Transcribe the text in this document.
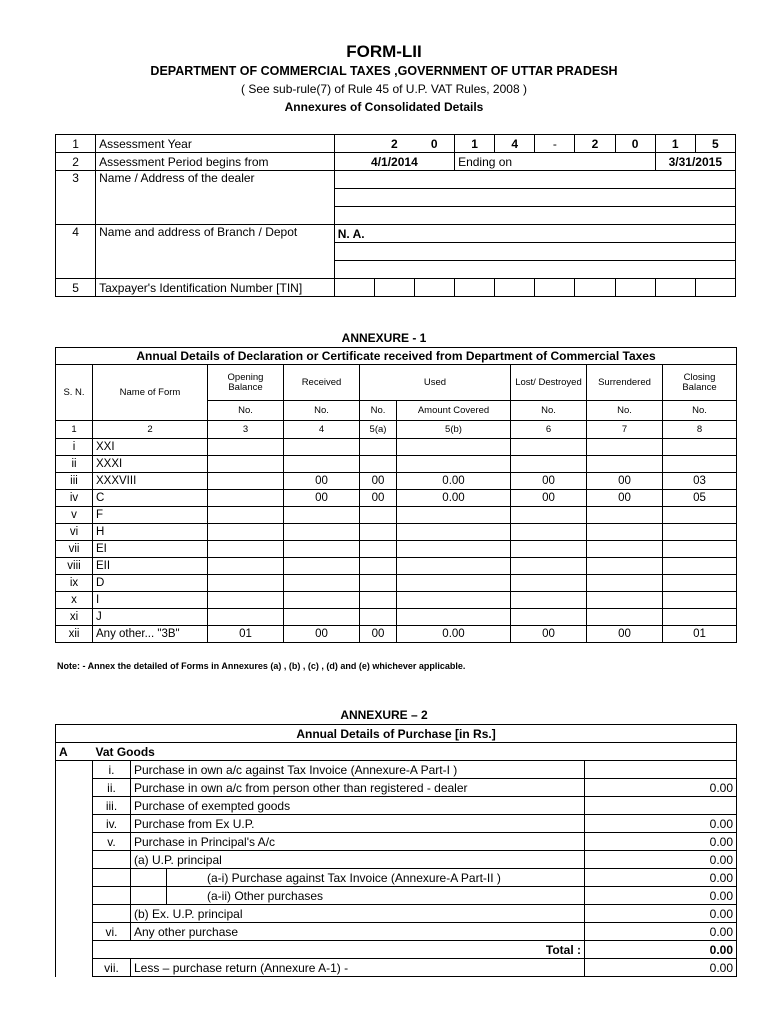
FORM-LII
DEPARTMENT OF COMMERCIAL TAXES ,GOVERNMENT OF UTTAR PRADESH
( See sub-rule(7) of Rule 45 of U.P. VAT Rules, 2008 )
Annexures of Consolidated Details
1	Assessment Year		2	0	1	4	-	2	0	1	5
2	Assessment Period begins from	4/1/2014			Ending on					3/31/2015	
3	Name / Address of the dealer										

4	Name and address of Branch / Depot	N. A.									

5	Taxpayer's Identification Number [TIN]										
ANNEXURE - 1
Annual Details of Declaration or Certificate received from Department of Commercial Taxes								
S. N.	Name of Form	Opening Balance	Received	Used		Lost/ Destroyed	Surrendered	Closing Balance
		No.	No.	No.	Amount Covered	No.	No.	No.
1	2	3	4	5(a)	5(b)	6	7	8
i	XXI							
ii	XXXI							
iii	XXXVIII		00	00	0.00	00	00	03
iv	C		00	00	0.00	00	00	05
v	F							
vi	H							
vii	EI							
viii	EII							
ix	D							
x	I							
xi	J							
xii	Any other... "3B"	01	00	00	0.00	00	00	01
Note: - Annex the detailed of Forms in Annexures (a) , (b) , (c) , (d) and (e) whichever applicable.
ANNEXURE – 2
Annual Details of Purchase [in Rs.]				
A	Vat Goods			
	i.	Purchase in own a/c against Tax Invoice (Annexure-A Part-I )		
	ii.	Purchase in own a/c from person other than registered - dealer		0.00
	iii.	Purchase of exempted goods		
	iv.	Purchase from Ex U.P.		0.00
	v.	Purchase in Principal's A/c		0.00
		(a) U.P. principal		0.00
			(a-i) Purchase against Tax Invoice (Annexure-A Part-II )	0.00
			(a-ii) Other purchases	0.00
		(b) Ex. U.P. principal		0.00
	vi.	Any other purchase		0.00
	Total :			0.00
	vii.	Less – purchase return (Annexure A-1) -		0.00
